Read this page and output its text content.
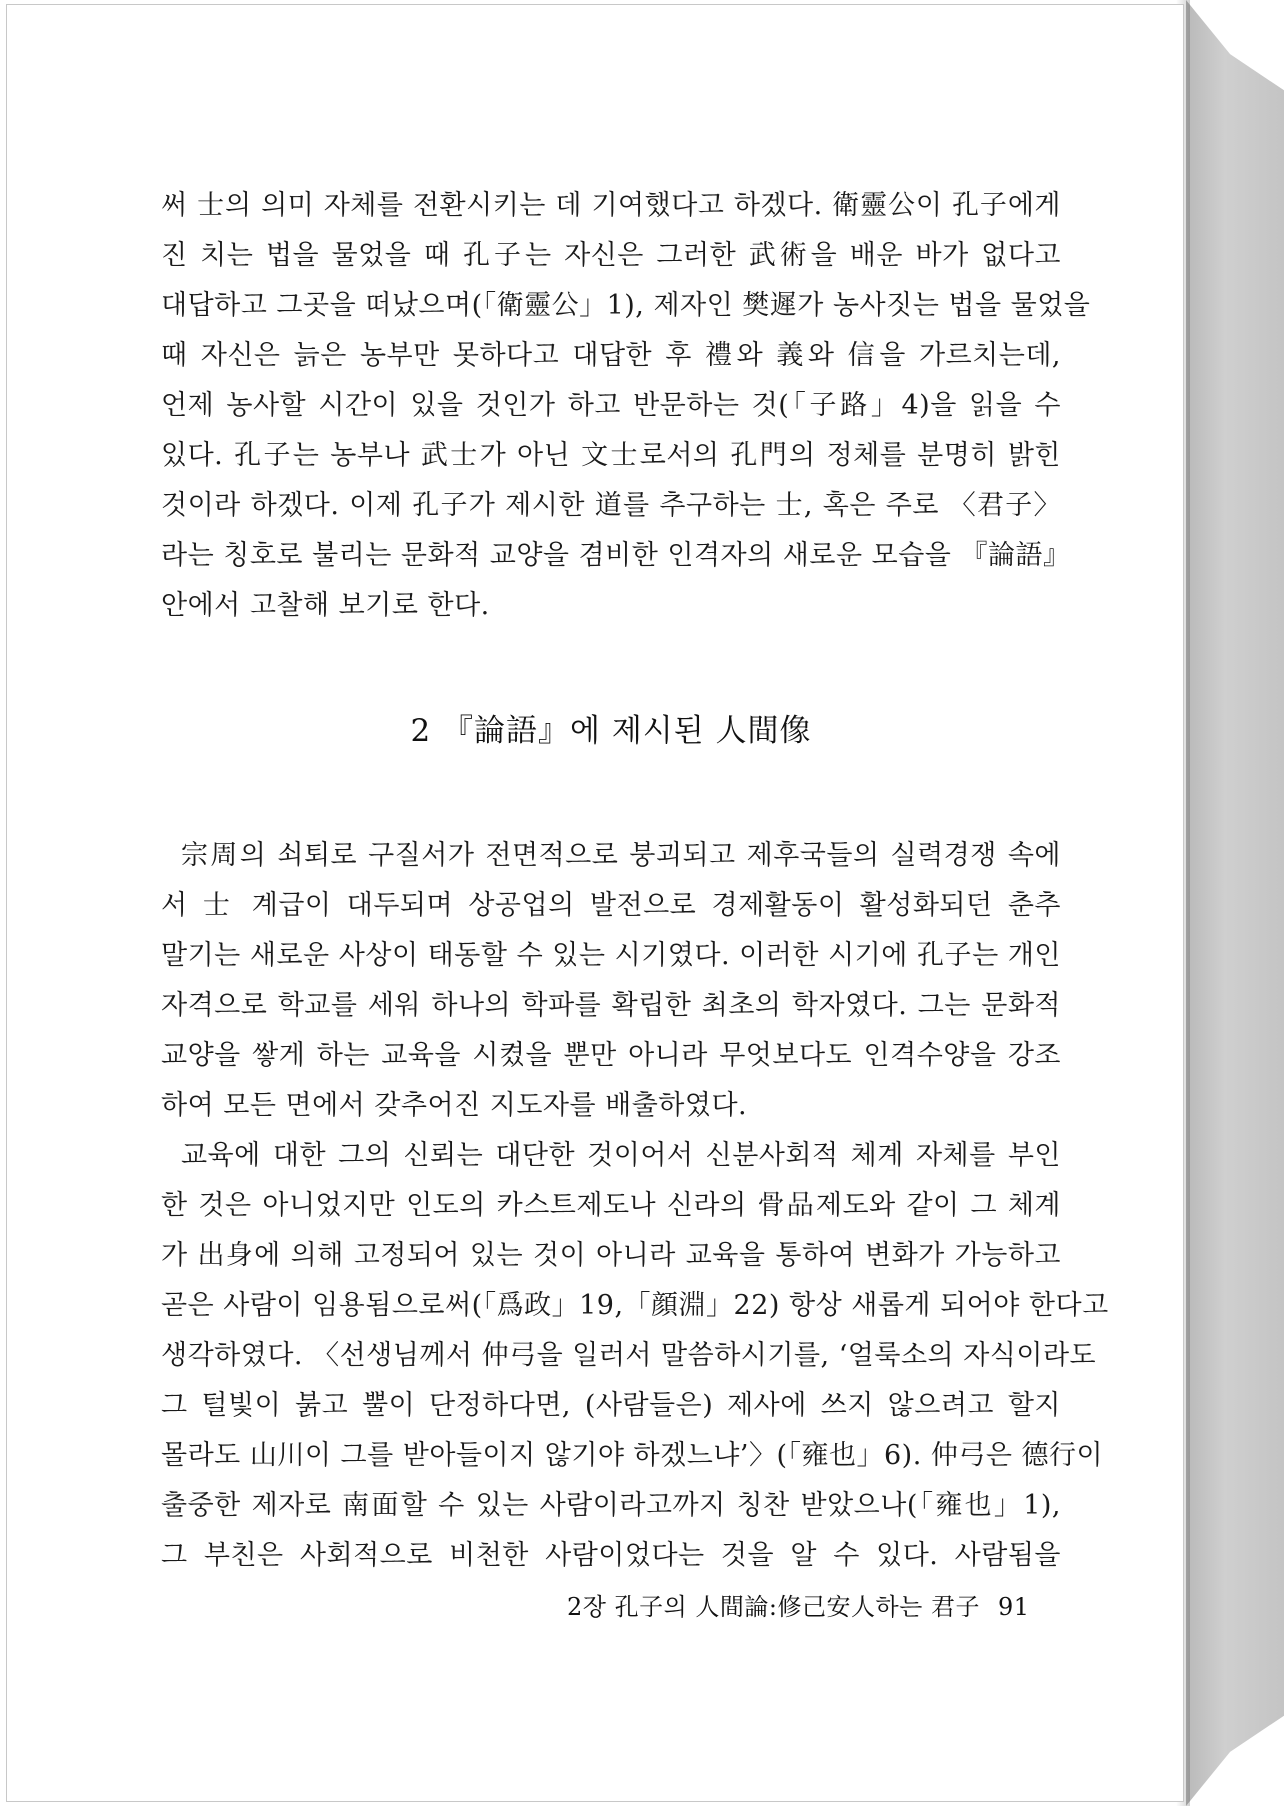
써 士의 의미 자체를 전환시키는 데 기여했다고 하겠다. 衛靈公이 孔子에게
진 치는 법을 물었을 때 孔子는 자신은 그러한 武術을 배운 바가 없다고
대답하고 그곳을 떠났으며(「衛靈公」1), 제자인 樊遲가 농사짓는 법을 물었을
때 자신은 늙은 농부만 못하다고 대답한 후 禮와 義와 信을 가르치는데,
언제 농사할 시간이 있을 것인가 하고 반문하는 것(「子路」4)을 읽을 수
있다. 孔子는 농부나 武士가 아닌 文士로서의 孔門의 정체를 분명히 밝힌
것이라 하겠다. 이제 孔子가 제시한 道를 추구하는 士, 혹은 주로 〈君子〉
라는 칭호로 불리는 문화적 교양을 겸비한 인격자의 새로운 모습을 『論語』
안에서 고찰해 보기로 한다.
2 『論語』에 제시된 人間像
宗周의 쇠퇴로 구질서가 전면적으로 붕괴되고 제후국들의 실력경쟁 속에
서 士 계급이 대두되며 상공업의 발전으로 경제활동이 활성화되던 춘추
말기는 새로운 사상이 태동할 수 있는 시기였다. 이러한 시기에 孔子는 개인
자격으로 학교를 세워 하나의 학파를 확립한 최초의 학자였다. 그는 문화적
교양을 쌓게 하는 교육을 시켰을 뿐만 아니라 무엇보다도 인격수양을 강조
하여 모든 면에서 갖추어진 지도자를 배출하였다.
교육에 대한 그의 신뢰는 대단한 것이어서 신분사회적 체계 자체를 부인
한 것은 아니었지만 인도의 카스트제도나 신라의 骨品제도와 같이 그 체계
가 出身에 의해 고정되어 있는 것이 아니라 교육을 통하여 변화가 가능하고
곧은 사람이 임용됨으로써(「爲政」19,「顔淵」22) 항상 새롭게 되어야 한다고
생각하였다. 〈선생님께서 仲弓을 일러서 말씀하시기를, ‘얼룩소의 자식이라도
그 털빛이 붉고 뿔이 단정하다면, (사람들은) 제사에 쓰지 않으려고 할지
몰라도 山川이 그를 받아들이지 않기야 하겠느냐’〉(「雍也」6). 仲弓은 德行이
출중한 제자로 南面할 수 있는 사람이라고까지 칭찬 받았으나(「雍也」1),
그 부친은 사회적으로 비천한 사람이었다는 것을 알 수 있다. 사람됨을
2장 孔子의 人間論:修己安人하는 君子 91
